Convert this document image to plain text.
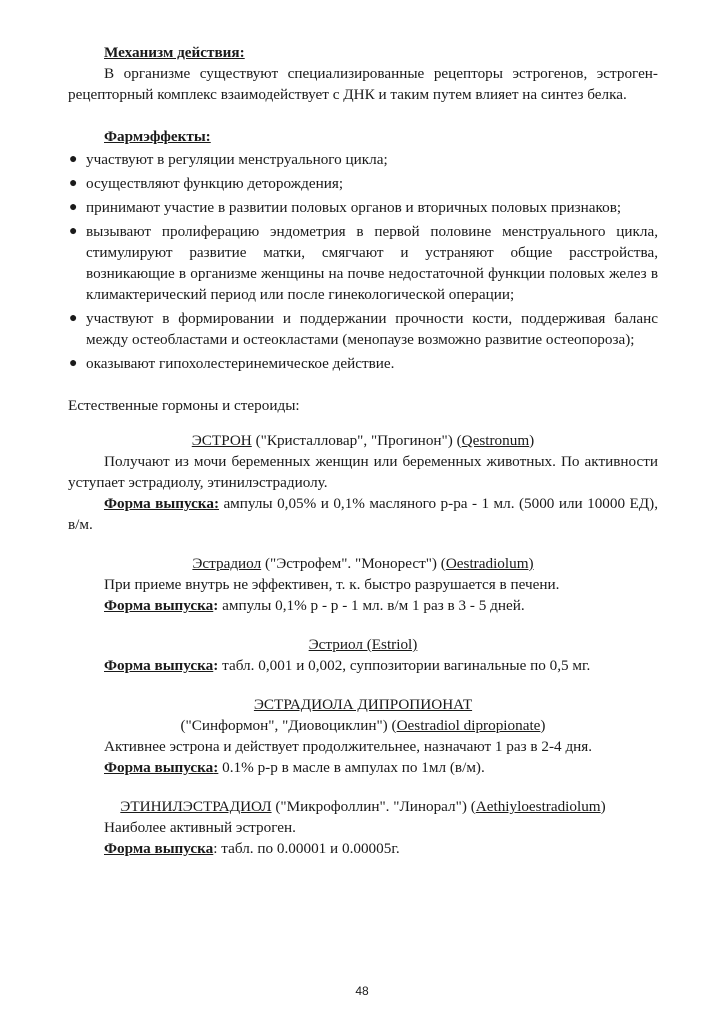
Механизм действия:

В организме существуют специализированные рецепторы эстрогенов, эстроген-рецепторный комплекс взаимодействует с ДНК и таким путем влияет на синтез белка.

Фармэффекты:

● участвуют в регуляции менструального цикла;
● осуществляют функцию деторождения;
● принимают участие в развитии половых органов и вторичных половых признаков;
● вызывают пролиферацию эндометрия в первой половине менструального цикла, стимулируют развитие матки, смягчают и устраняют общие расстройства, возникающие в организме женщины на почве недостаточной функции половых желез в климактерический период или после гинекологической операции;
● участвуют в формировании и поддержании прочности кости, поддерживая баланс между остеобластами и остеокластами (менопаузе возможно развитие остеопороза);
● оказывают гипохолестеринемическое действие.

Естественные гормоны и стероиды:

ЭСТРОН ("Кристалловар", "Прогинон") (Qestronum)

Получают из мочи беременных женщин или беременных животных. По активности уступает эстрадиолу, этинилэстрадиолу.

Форма выпуска: ампулы 0,05% и 0,1% масляного р-ра - 1 мл. (5000 или 10000 ЕД), в/м.

Эстрадиол ("Эстрофем". "Монорест") (Oestradiolum)

При приеме внутрь не эффективен, т. к. быстро разрушается в печени.

Форма выпуска: ампулы 0,1% р - р - 1 мл. в/м 1 раз в 3 - 5 дней.

Эстриол (Estriol)

Форма выпуска: табл. 0,001 и 0,002, суппозитории вагинальные по 0,5 мг.

ЭСТРАДИОЛА ДИПРОПИОНАТ

("Синформон", "Диовоциклин") (Oestradiol dipropionate)

Активнее эстрона и действует продолжительнее, назначают 1 раз в 2-4 дня.

Форма выпуска: 0.1% р-р в масле в ампулах по 1мл (в/м).

ЭТИНИЛЭСТРАДИОЛ ("Микрофоллин". "Линорал") (Aethiyloestradiolum)

Наиболее активный эстроген.

Форма выпуска: табл. по 0.00001 и 0.00005г.

48
